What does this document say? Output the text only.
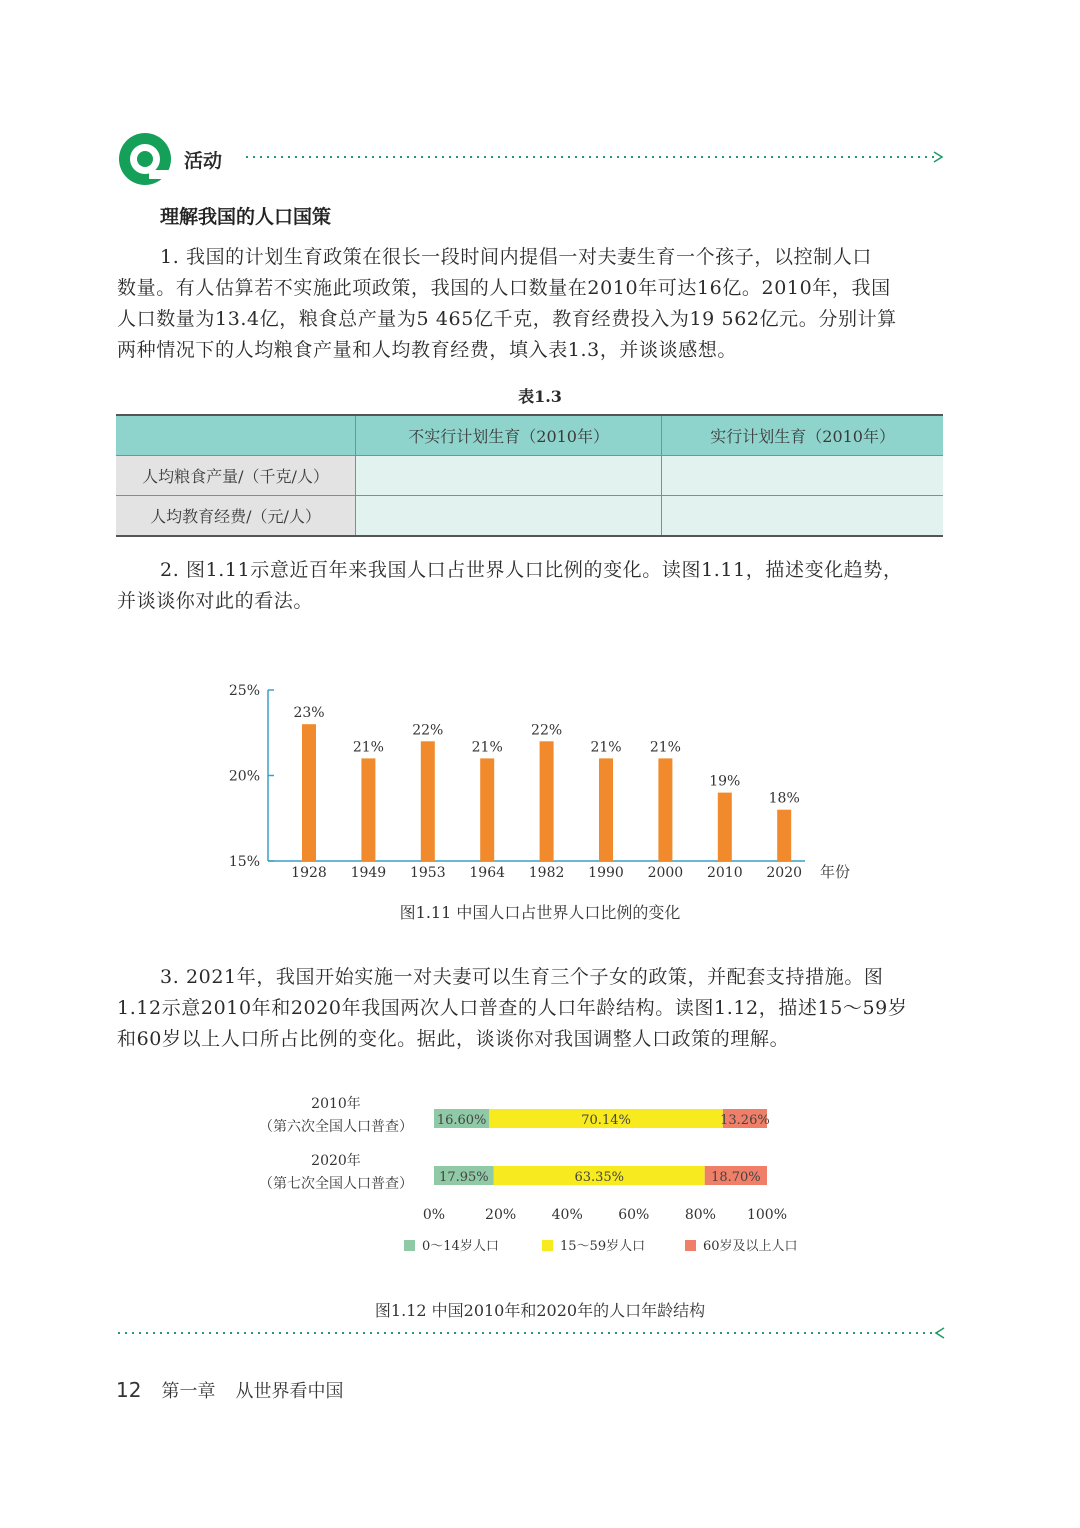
活动
理解我国的人口国策
1. 我国的计划生育政策在很长一段时间内提倡一对夫妻生育一个孩子，以控制人口
数量。有人估算若不实施此项政策，我国的人口数量在2010年可达16亿。2010年，我国
人口数量为13.4亿，粮食总产量为5 465亿千克，教育经费投入为19 562亿元。分别计算
两种情况下的人均粮食产量和人均教育经费，填入表1.3，并谈谈感想。
表1.3
	不实行计划生育（2010年）	实行计划生育（2010年）
人均粮食产量/（千克/人）		
人均教育经费/（元/人）		
2. 图1.11示意近百年来我国人口占世界人口比例的变化。读图1.11，描述变化趋势，
并谈谈你对此的看法。
15%
20%
25%
23%
1928
21%
1949
22%
1953
21%
1964
22%
1982
21%
1990
21%
2000
19%
2010
18%
2020 年份
图1.11 中国人口占世界人口比例的变化
3. 2021年，我国开始实施一对夫妻可以生育三个子女的政策，并配套支持措施。图
1.12示意2010年和2020年我国两次人口普查的人口年龄结构。读图1.12，描述15～59岁
和60岁以上人口所占比例的变化。据此，谈谈你对我国调整人口政策的理解。
2010年
（第六次全国人口普查） 16.60%	70.14%	13.26%
2020年
（第七次全国人口普查） 17.95%	63.35%	18.70%
0%	20%	40%	60%	80% 100%
0～14岁人口	15～59岁人口	60岁及以上人口
图1.12 中国2010年和2020年的人口年龄结构
12 第一章 从世界看中国
